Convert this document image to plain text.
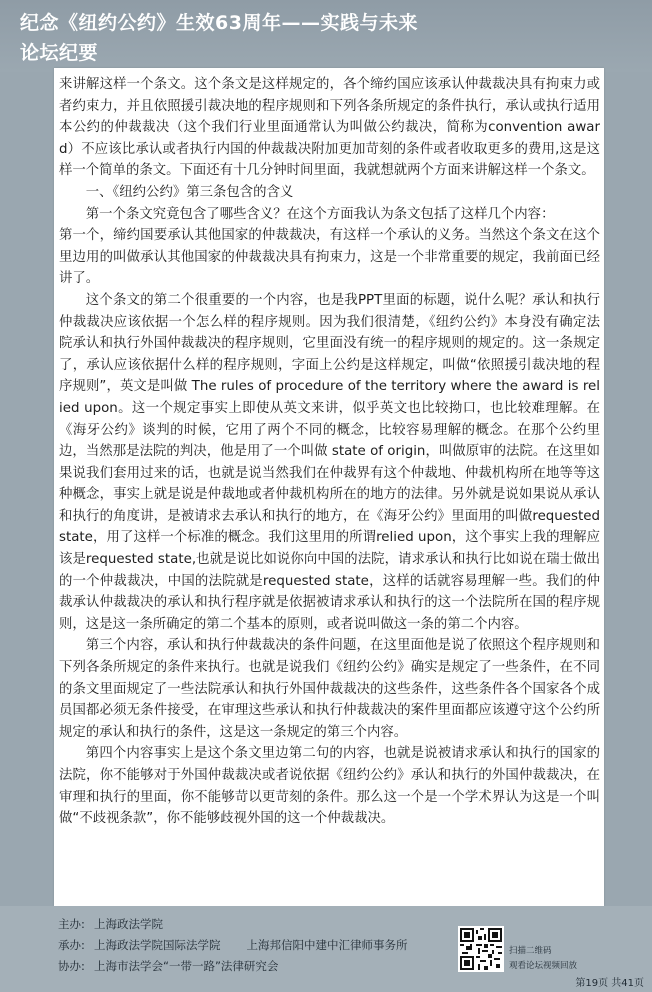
纪念《纽约公约》生效63周年——实践与未来
论坛纪要

来讲解这样一个条文。这个条文是这样规定的，各个缔约国应该承认仲裁裁决具有拘束力或者约束力，并且依照援引裁决地的程序规则和下列各条所规定的条件执行，承认或执行适用本公约的仲裁裁决（这个我们行业里面通常认为叫做公约裁决，简称为convention award）不应该比承认或者执行内国的仲裁裁决附加更加苛刻的条件或者收取更多的费用,这是这样一个简单的条文。下面还有十几分钟时间里面，我就想就两个方面来讲解这样一个条文。

一、《纽约公约》第三条包含的含义

第一个条文究竟包含了哪些含义？在这个方面我认为条文包括了这样几个内容：

第一个，缔约国要承认其他国家的仲裁裁决，有这样一个承认的义务。当然这个条文在这个里边用的叫做承认其他国家的仲裁裁决具有拘束力，这是一个非常重要的规定，我前面已经讲了。

这个条文的第二个很重要的一个内容，也是我PPT里面的标题，说什么呢？承认和执行仲裁裁决应该依据一个怎么样的程序规则。因为我们很清楚，《纽约公约》本身没有确定法院承认和执行外国仲裁裁决的程序规则，它里面没有统一的程序规则的规定的。这一条规定了，承认应该依据什么样的程序规则，字面上公约是这样规定，叫做“依照援引裁决地的程序规则”，英文是叫做 The rules of procedure of the territory where the award is relied upon。这一个规定事实上即使从英文来讲，似乎英文也比较拗口，也比较难理解。在《海牙公约》谈判的时候，它用了两个不同的概念，比较容易理解的概念。在那个公约里边，当然那是法院的判决，他是用了一个叫做 state of origin，叫做原审的法院。在这里如果说我们套用过来的话，也就是说当然我们在仲裁界有这个仲裁地、仲裁机构所在地等等这种概念，事实上就是说是仲裁地或者仲裁机构所在的地方的法律。另外就是说如果说从承认和执行的角度讲，是被请求去承认和执行的地方，在《海牙公约》里面用的叫做requested state，用了这样一个标准的概念。我们这里用的所谓relied upon，这个事实上我的理解应该是requested state,也就是说比如说你向中国的法院，请求承认和执行比如说在瑞士做出的一个仲裁裁决，中国的法院就是requested state，这样的话就容易理解一些。我们的仲裁承认仲裁裁决的承认和执行程序就是依据被请求承认和执行的这一个法院所在国的程序规则，这是这一条所确定的第二个基本的原则，或者说叫做这一条的第二个内容。

第三个内容，承认和执行仲裁裁决的条件问题，在这里面他是说了依照这个程序规则和下列各条所规定的条件来执行。也就是说我们《纽约公约》确实是规定了一些条件，在不同的条文里面规定了一些法院承认和执行外国仲裁裁决的这些条件，这些条件各个国家各个成员国都必须无条件接受，在审理这些承认和执行仲裁裁决的案件里面都应该遵守这个公约所规定的承认和执行的条件，这是这一条规定的第三个内容。

第四个内容事实上是这个条文里边第二句的内容，也就是说被请求承认和执行的国家的法院，你不能够对于外国仲裁裁决或者说依据《纽约公约》承认和执行的外国仲裁裁决，在审理和执行的里面，你不能够苛以更苛刻的条件。那么这一个是一个学术界认为这是一个叫做“不歧视条款”，你不能够歧视外国的这一个仲裁裁决。

主办: 上海政法学院
承办: 上海政法学院国际法学院 上海邦信阳中建中汇律师事务所
协办: 上海市法学会“一带一路”法律研究会
扫描二维码
观看论坛视频回放
第19页 共41页
